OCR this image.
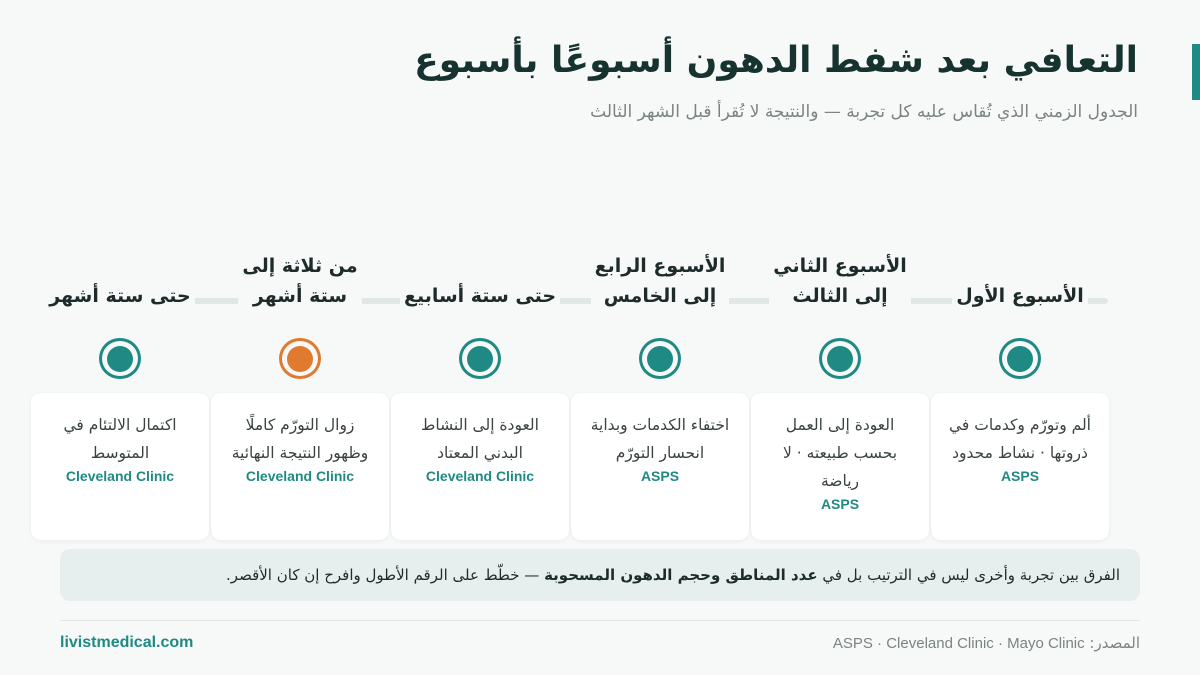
التعافي بعد شفط الدهون أسبوعًا بأسبوع

الجدول الزمني الذي تُقاس عليه كل تجربة — والنتيجة لا تُقرأ قبل الشهر الثالث

الأسبوع الأول

ألم وتورّم وكدمات في ذروتها · نشاط محدود
ASPS
الأسبوع الثاني
إلى الثالث
العودة إلى العمل بحسب طبيعته · لا رياضة
ASPS
الأسبوع الرابع
إلى الخامس
اختفاء الكدمات وبداية انحسار التورّم
ASPS
حتى ستة أسابيع

العودة إلى النشاط البدني المعتاد
Cleveland Clinic
من ثلاثة إلى
ستة أشهر
زوال التورّم كاملًا وظهور النتيجة النهائية
Cleveland Clinic
حتى ستة أشهر

اكتمال الالتئام في المتوسط
Cleveland Clinic
الفرق بين تجربة وأخرى ليس في الترتيب بل في عدد المناطق وحجم الدهون المسحوبة — خطّط على الرقم الأطول وافرح إن كان الأقصر.
livistmedical.com	المصدر: ASPS · Cleveland Clinic · Mayo Clinic
